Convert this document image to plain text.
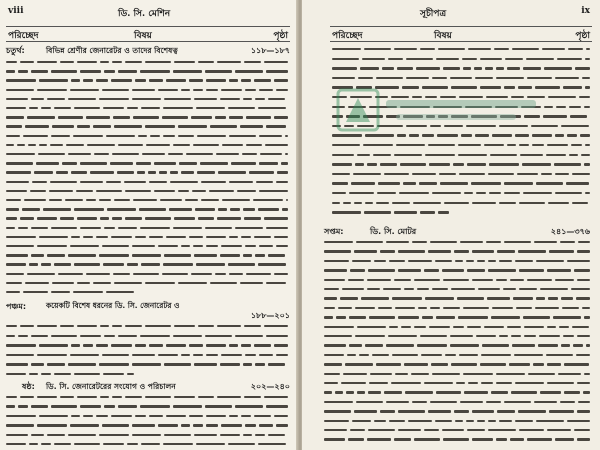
viii	ডি. সি. মেশিন
পরিচ্ছেদ	বিষয়	পৃষ্ঠা
চতুর্থ:	বিভিন্ন শ্রেণীর জেনারেটর ও তাদের বিশেষত্ব	১১৮—১৮৭
পঞ্চম:	কয়েকটি বিশেষ ধরনের ডি. সি. জেনারেটর ও
১৮৮—২০১
ষষ্ঠ: ডি. সি. জেনারেটরের সংযোগ ও পরিচালন	২০২—২৪০
সূচীপত্র	ix
পরিচ্ছেদ	বিষয়	পৃষ্ঠা
সপ্তম:	ডি. সি. মোটর	২৪১—৩৭৬
